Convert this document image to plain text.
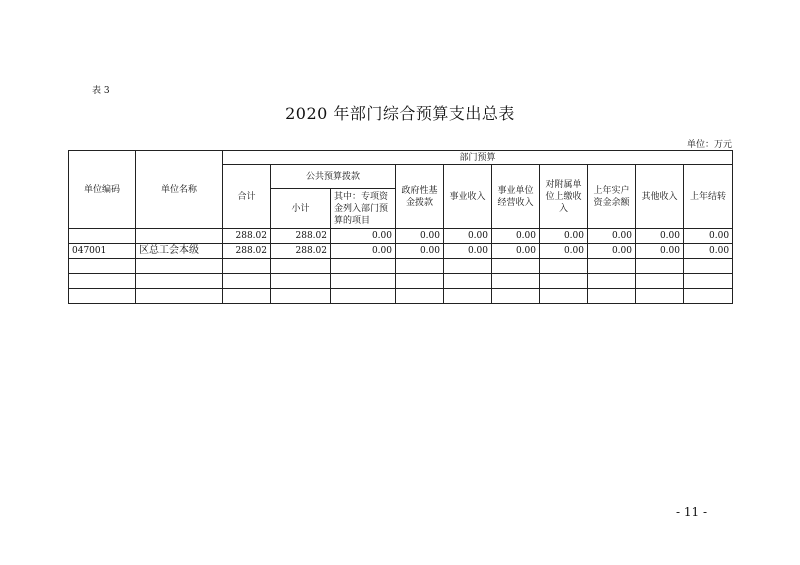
表 3
2020 年部门综合预算支出总表
单位：万元
单位编码	单位名称	部门预算									
		合计	公共预算拨款		政府性基金拨款	事业收入	事业单位经营收入	对附属单位上缴收入	上年实户资金余额	其他收入	上年结转
			小计	其中：专项资金列入部门预算的项目							
		288.02	288.02	0.00	0.00	0.00	0.00	0.00	0.00	0.00	0.00
047001	区总工会本级	288.02	288.02	0.00	0.00	0.00	0.00	0.00	0.00	0.00	0.00

- 11 -
